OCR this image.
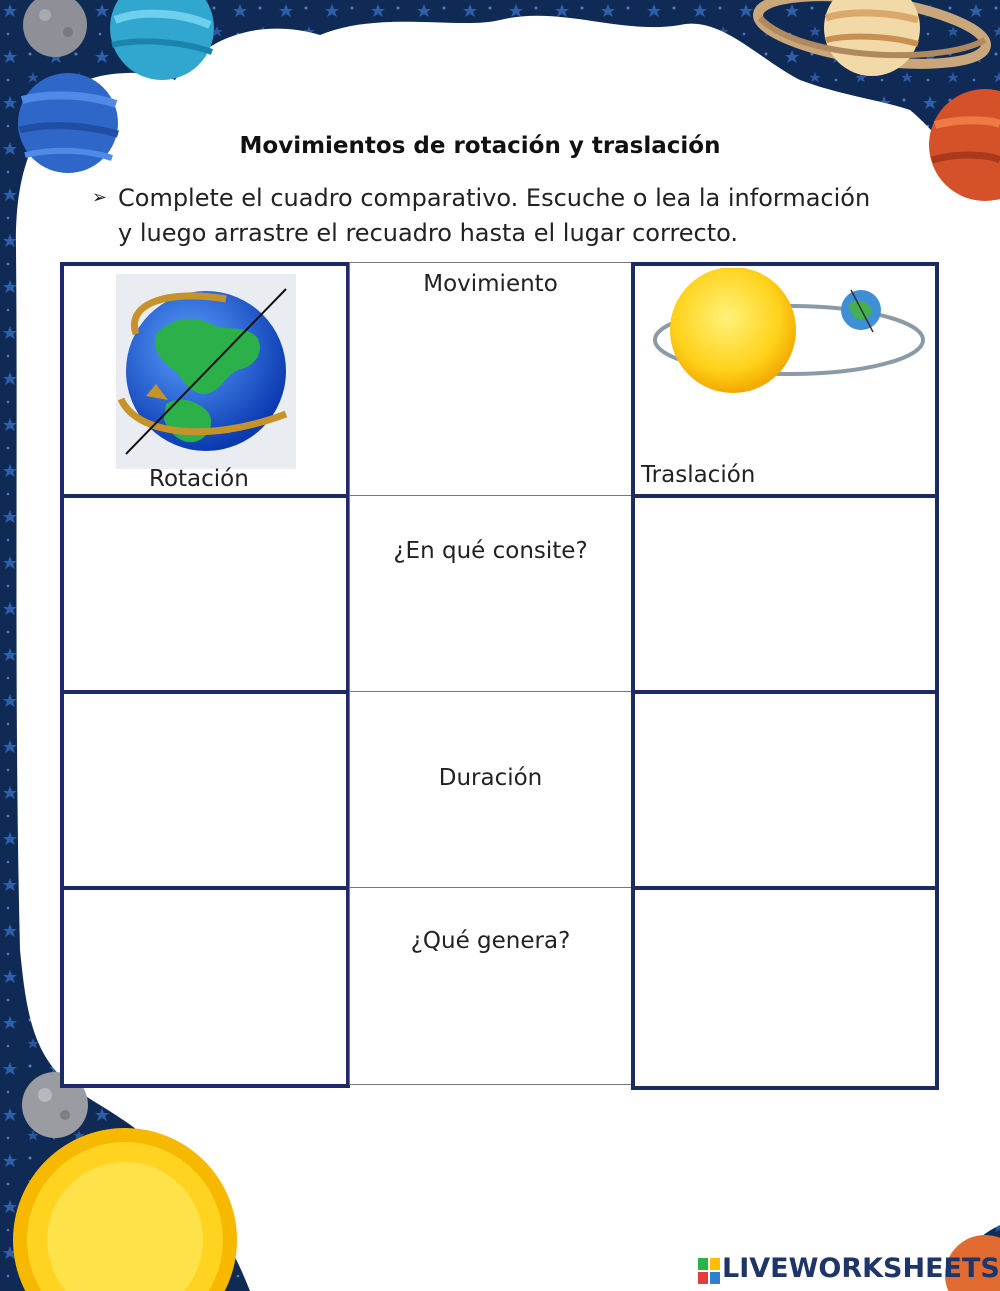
Movimientos de rotación y traslación
➢ Complete el cuadro comparativo. Escuche o lea la información
y luego arrastre el recuadro hasta el lugar correcto.
Rotación
Movimiento
¿En qué consite?
Duración
¿Qué genera?
Traslación
LIVEWORKSHEETS
